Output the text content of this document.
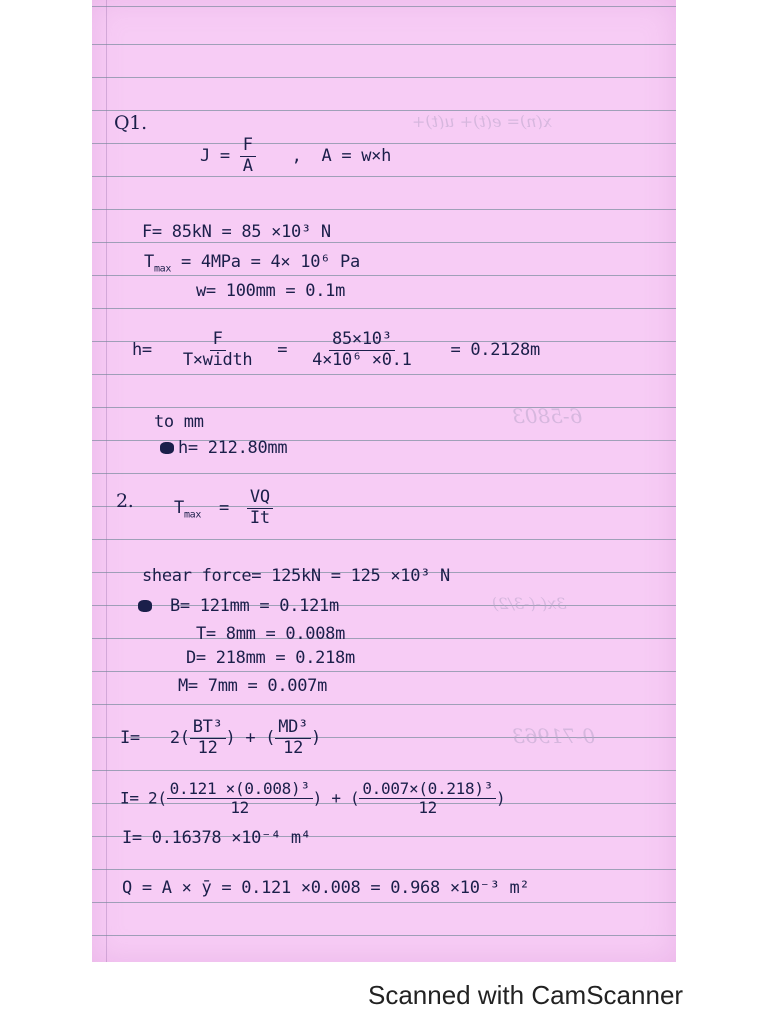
x(n)= e(t)+ u(t)+
6-5803
0-71963
3x(-(-3/2)
Q1.
$J = \frac{F}{A}$ , A = w×h
F= 85kN = 85 ×10³ N
$T_{max} = 4MPa = 4\times 10^6$ Pa
w= 100mm = 0.1m
$h= \frac{F}{\text{T×width}} = \frac{\text{85×10³}}{\text{4×10⁶ ×0.1}} = 0.2128m$
to mm
h= 212.80mm
2. $T_{max} = \frac{VQ}{It}$
shear force= 125kN = 125 ×10³ N
B= 121mm = 0.121m
T= 8mm = 0.008m
D= 218mm = 0.218m
M= 7mm = 0.007m
$I= 2( \frac{\text{BT³}}{12}$ ) + ( $\frac{\text{MD³}}{12}$ )
$I= 2( \frac{\text{0.121 ×(0.008)³}}{12}$ ) + ( $\frac{\text{0.007×(0.218)³}}{12}$ )
I= 0.16378 ×10⁻⁴ m⁴
Q = A × ȳ = 0.121 ×0.008 = 0.968 ×10⁻³ m²
Scanned with CamScanner
